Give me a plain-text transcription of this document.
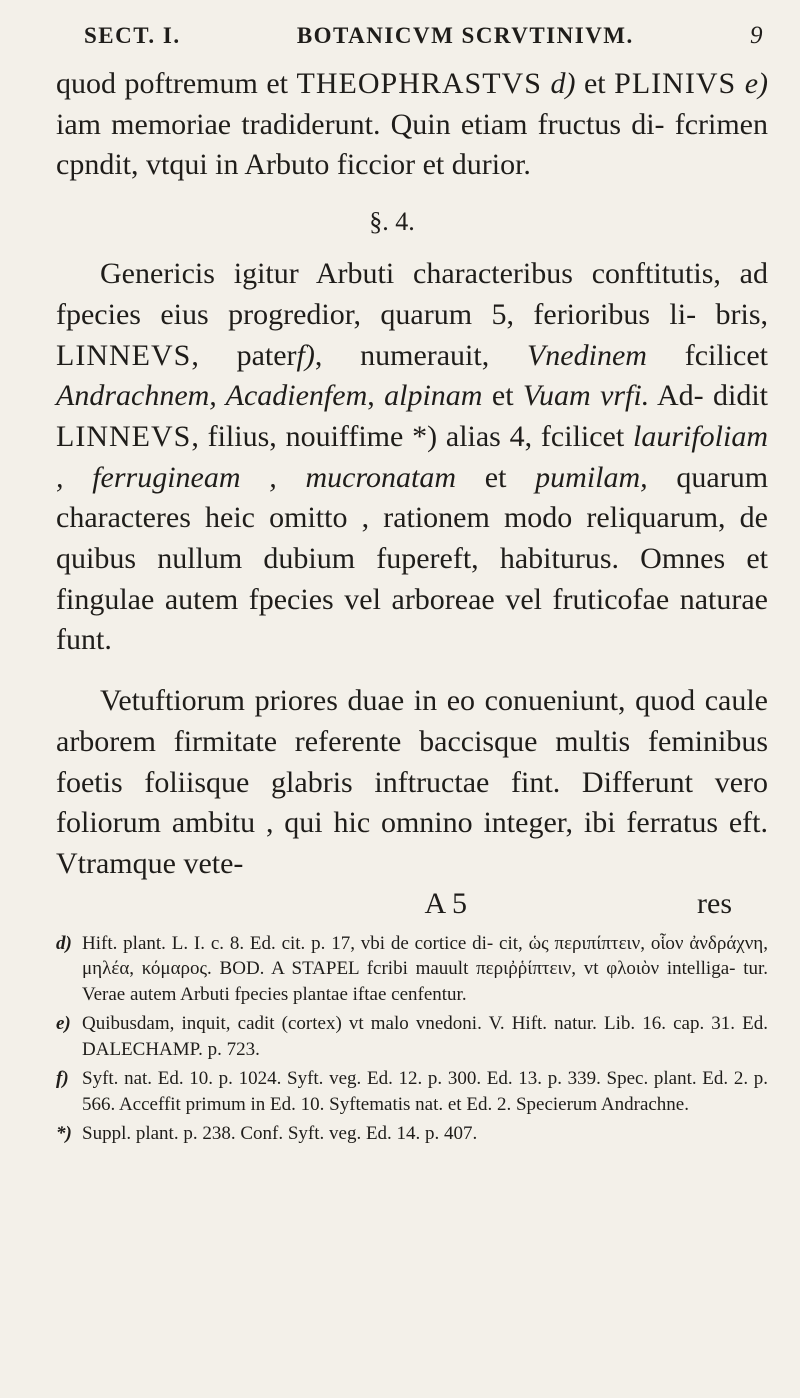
SECT. I.	BOTANICVM SCRVTINIVM.	9

quod poftremum et THEOPHRASTVS d) et PLINIVS e) iam memoriae tradiderunt. Quin etiam fructus di- fcrimen cpndit, vtqui in Arbuto ficcior et durior.

§. 4.

Genericis igitur Arbuti characteribus conftitutis, ad fpecies eius progredior, quarum 5, ferioribus li- bris, LINNEVS, paterf), numerauit, Vnedinem fcilicet Andrachnem, Acadienfem, alpinam et Vuam vrfi. Ad- didit LINNEVS, filius, nouiffime *) alias 4, fcilicet laurifoliam , ferrugineam , mucronatam et pumilam, quarum characteres heic omitto , rationem modo reliquarum, de quibus nullum dubium fupereft, habiturus. Omnes et fingulae autem fpecies vel arboreae vel fruticofae naturae funt.

Vetuftiorum priores duae in eo conueniunt, quod caule arborem firmitate referente baccisque multis feminibus foetis foliisque glabris inftructae fint. Differunt vero foliorum ambitu , qui hic omnino integer, ibi ferratus eft. Vtramque vete-

A 5	res
d) Hift. plant. L. I. c. 8. Ed. cit. p. 17, vbi de cortice di- cit, ὡς περιπίπτειν, οἷον ἀνδράχνη, μηλέα, κόμαρος. BOD. A STAPEL fcribi mauult περιῤῥίπτειν, vt φλοιὸν intelliga- tur. Verae autem Arbuti fpecies plantae iftae cenfentur.
e) Quibusdam, inquit, cadit (cortex) vt malo vnedoni. V. Hift. natur. Lib. 16. cap. 31. Ed. DALECHAMP. p. 723.
f) Syft. nat. Ed. 10. p. 1024. Syft. veg. Ed. 12. p. 300. Ed. 13. p. 339. Spec. plant. Ed. 2. p. 566. Acceffit primum in Ed. 10. Syftematis nat. et Ed. 2. Specierum Andrachne.
*) Suppl. plant. p. 238. Conf. Syft. veg. Ed. 14. p. 407.
